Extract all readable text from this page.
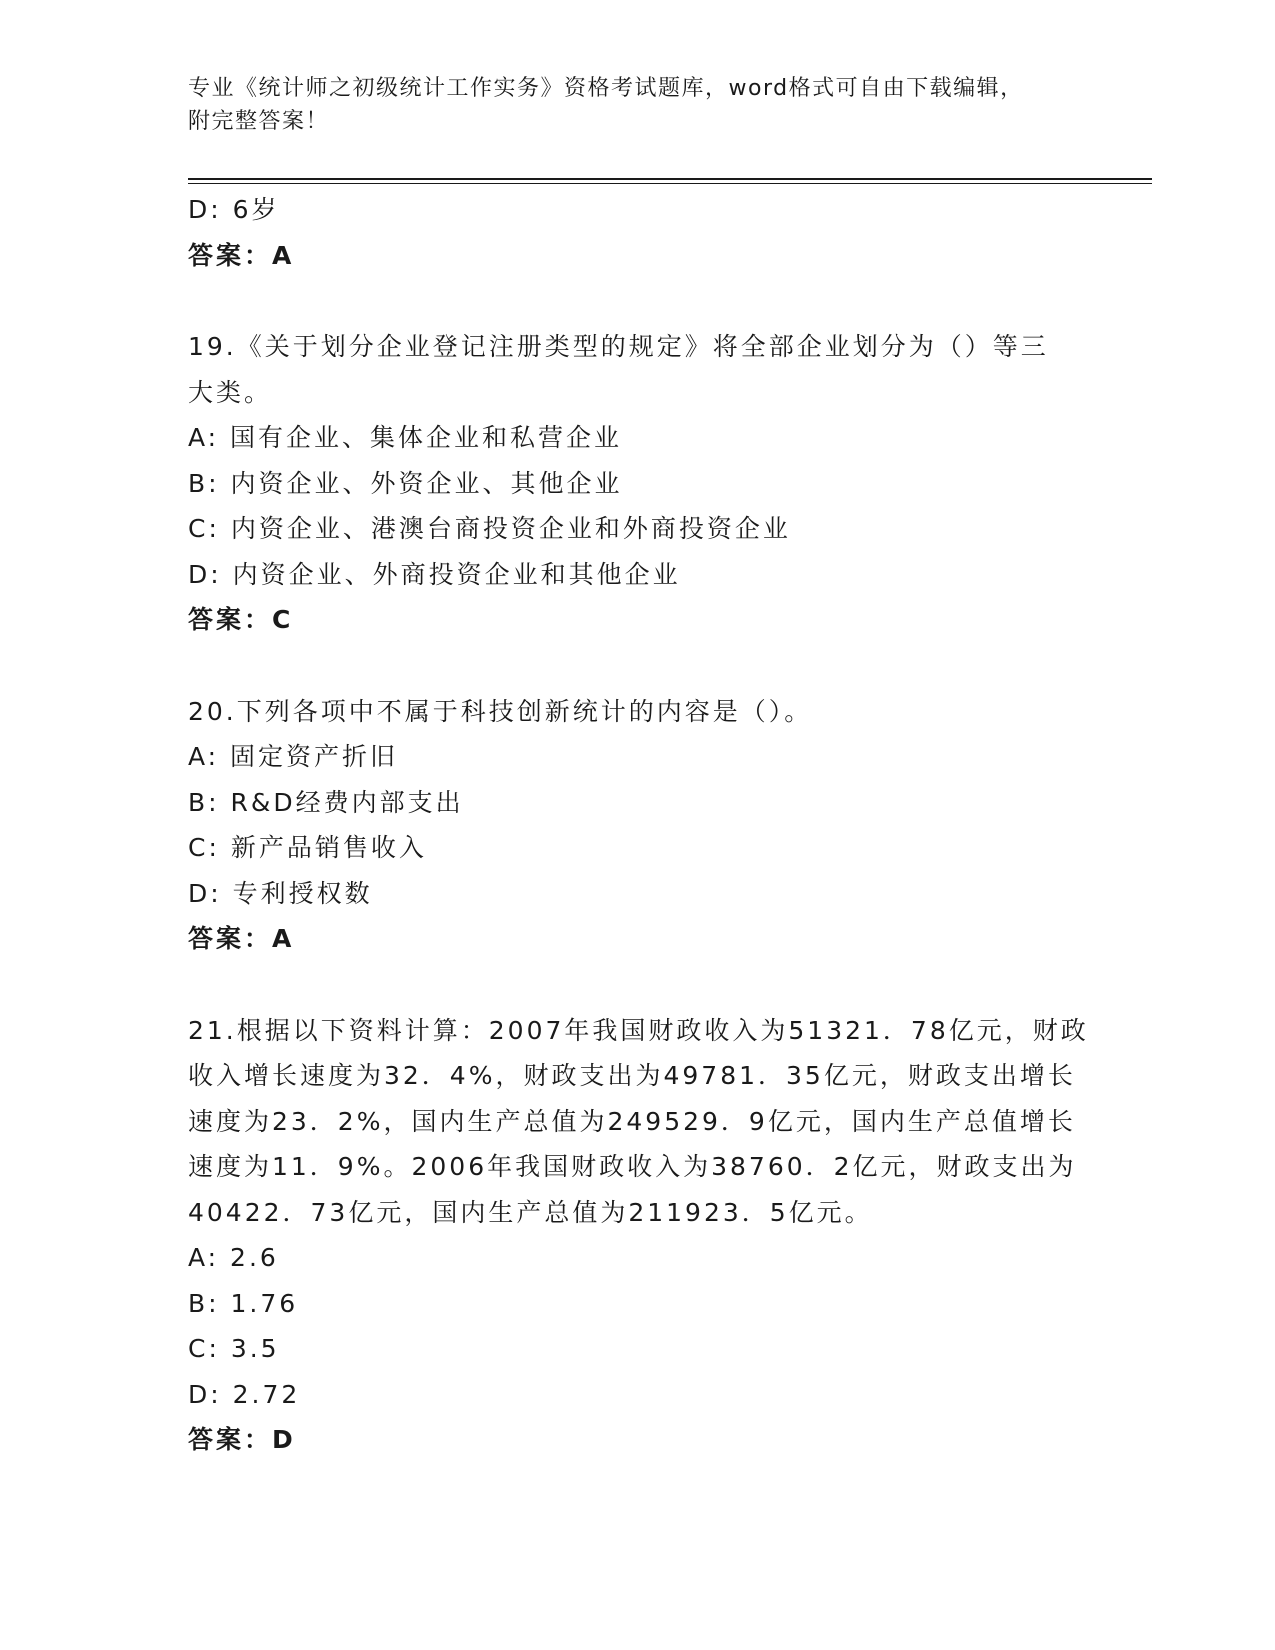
专业《统计师之初级统计工作实务》资格考试题库，word格式可自由下载编辑，
附完整答案！
D: 6岁
答案：A
19.《关于划分企业登记注册类型的规定》将全部企业划分为（）等三
大类。
A: 国有企业、集体企业和私营企业
B: 内资企业、外资企业、其他企业
C: 内资企业、港澳台商投资企业和外商投资企业
D: 内资企业、外商投资企业和其他企业
答案：C
20.下列各项中不属于科技创新统计的内容是（）。
A: 固定资产折旧
B: R&D经费内部支出
C: 新产品销售收入
D: 专利授权数
答案：A
21.根据以下资料计算：2007年我国财政收入为51321．78亿元，财政
收入增长速度为32．4%，财政支出为49781．35亿元，财政支出增长
速度为23．2%，国内生产总值为249529．9亿元，国内生产总值增长
速度为11．9%。2006年我国财政收入为38760．2亿元，财政支出为
40422．73亿元，国内生产总值为211923．5亿元。
A: 2.6
B: 1.76
C: 3.5
D: 2.72
答案：D
